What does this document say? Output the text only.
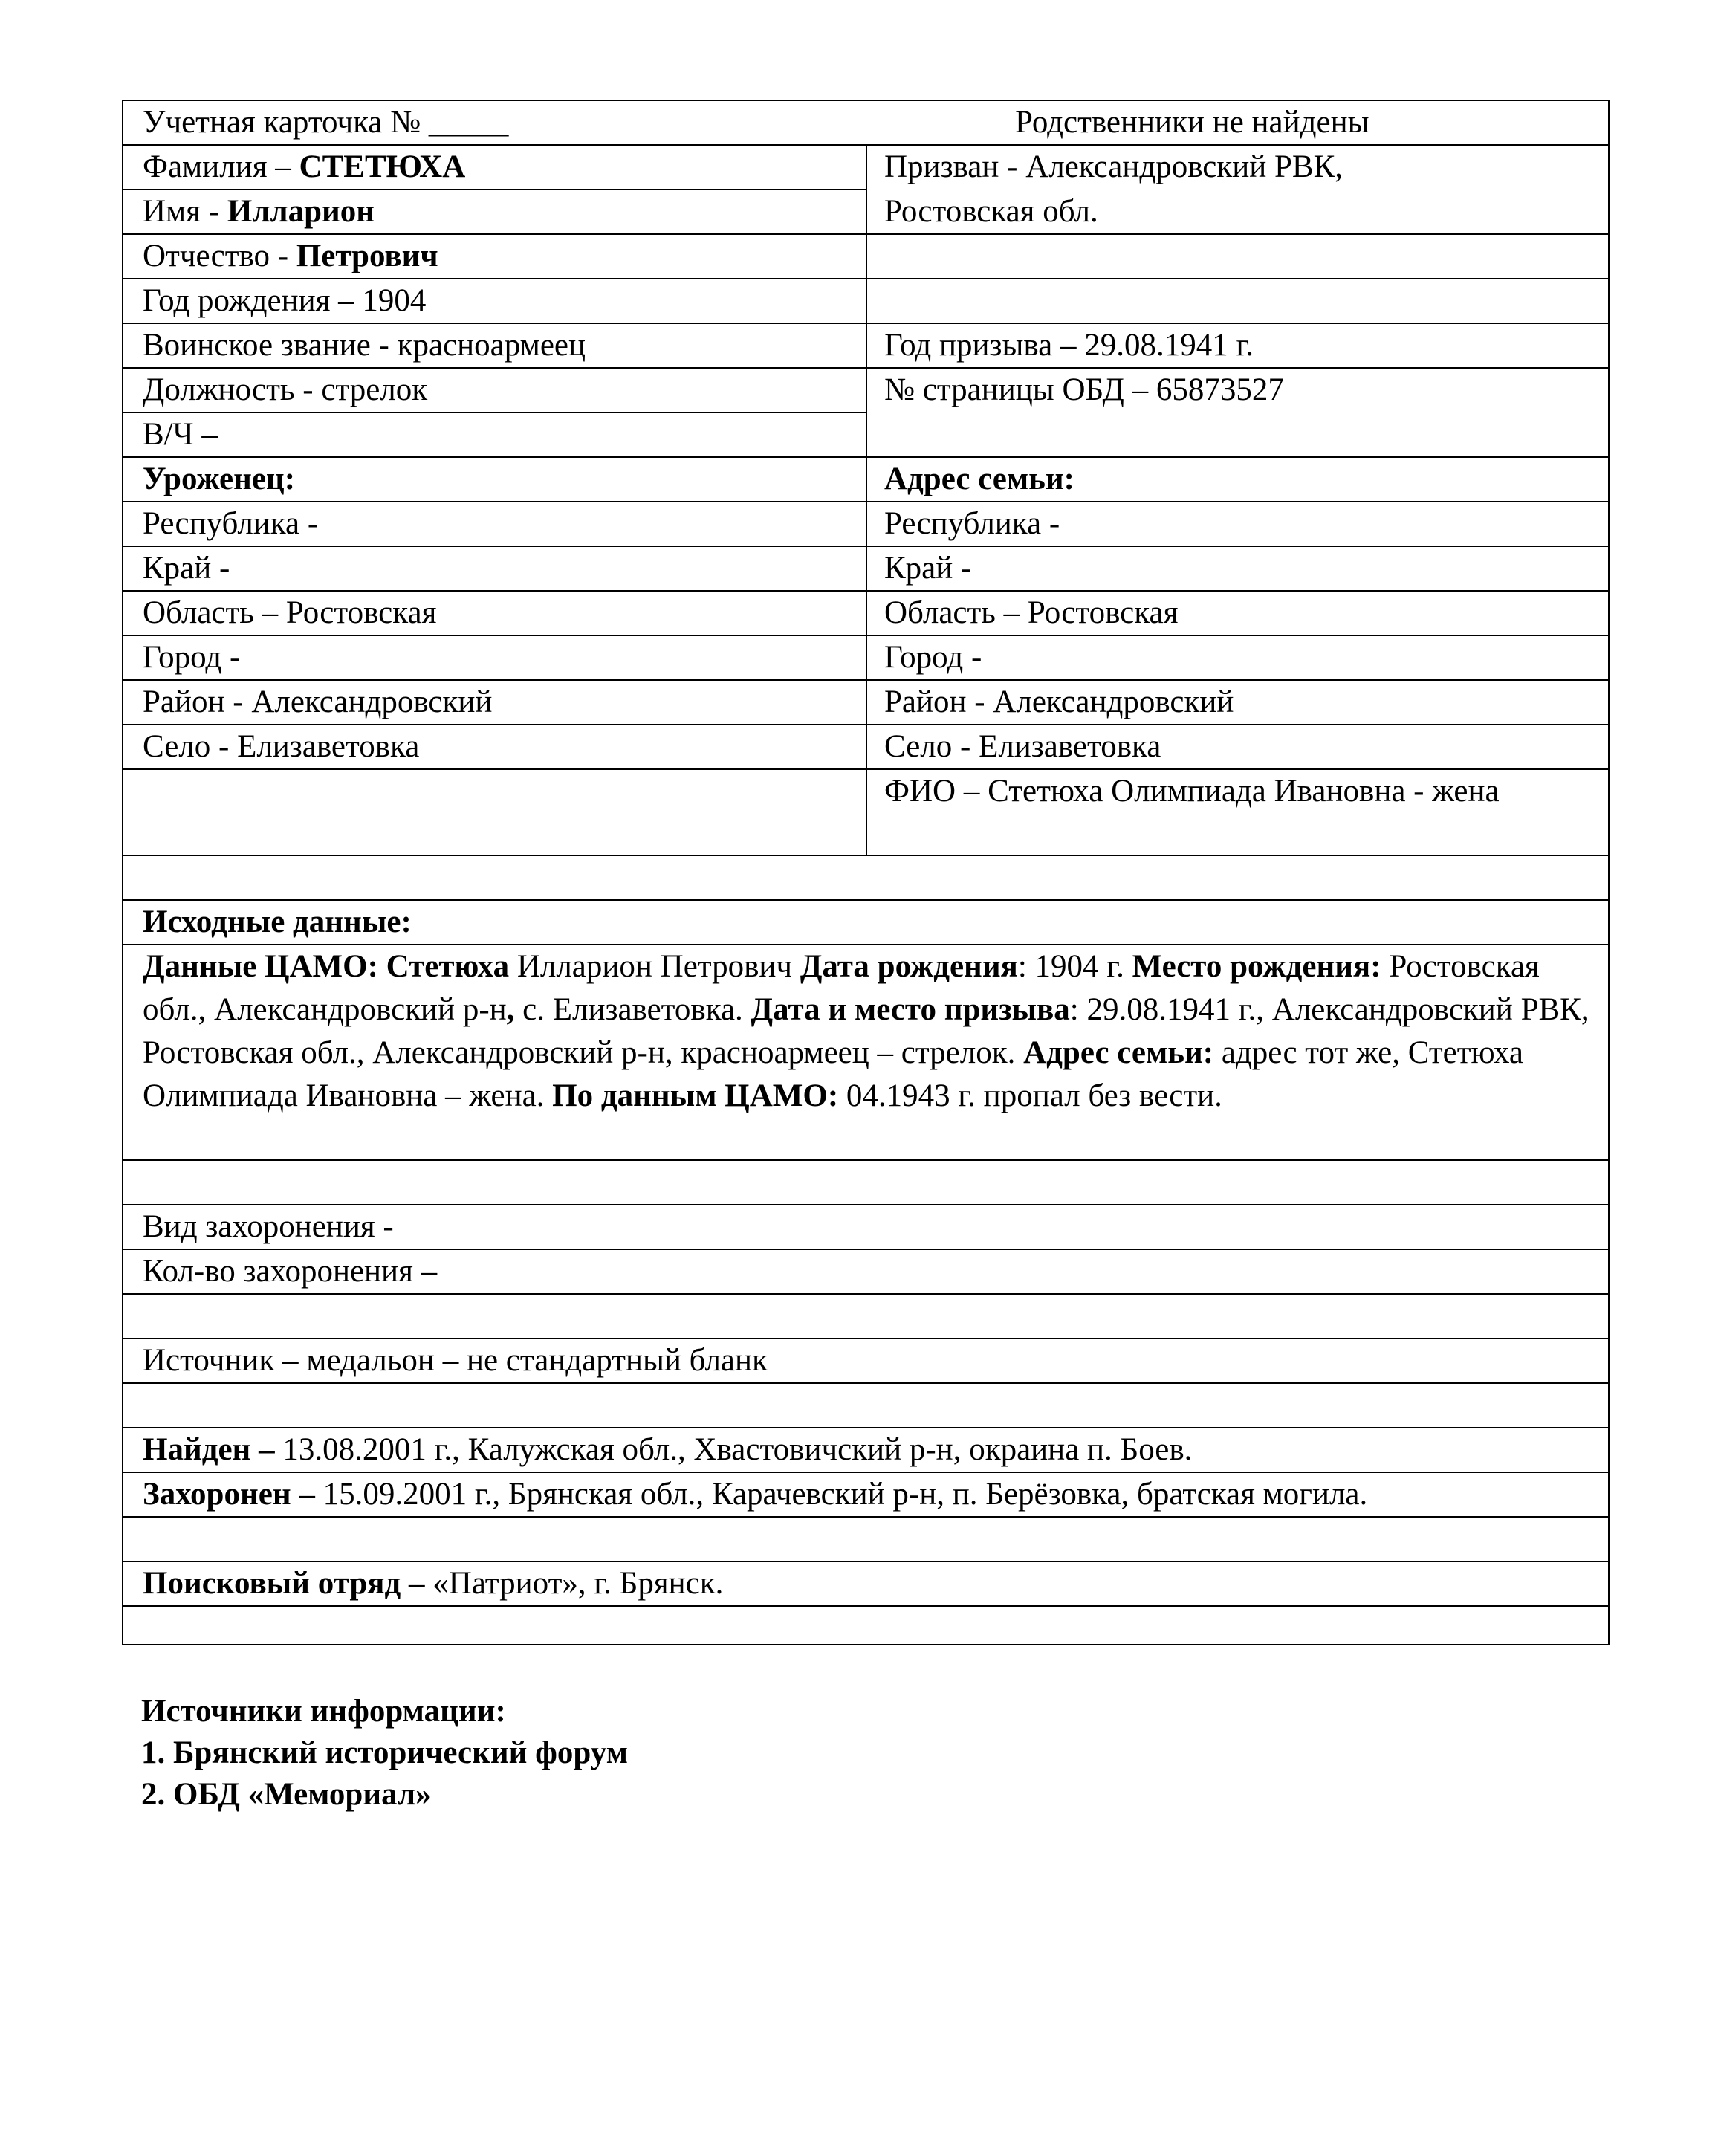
Учетная карточка № _____	Родственники не найдены
Фамилия – СТЕТЮХА
Имя - Илларион
Отчество - Петрович
Год рождения – 1904
Воинское звание - красноармеец
Должность - стрелок
В/Ч –
Уроженец:
Республика -
Край -
Область – Ростовская
Город -
Район - Александровский
Село - Елизаветовка
Призван - Александровский РВК,
Ростовская обл.
Год призыва – 29.08.1941 г.
№ страницы ОБД – 65873527
Адрес семьи:
Республика -
Край -
Область – Ростовская
Город -
Район - Александровский
Село - Елизаветовка
ФИО – Стетюха Олимпиада Ивановна - жена
Исходные данные:
Данные ЦАМО: Стетюха Илларион Петрович Дата рождения: 1904 г. Место рождения: Ростовская обл., Александровский р-н, с. Елизаветовка. Дата и место призыва: 29.08.1941 г., Александровский РВК, Ростовская обл., Александровский р-н, красноармеец – стрелок. Адрес семьи: адрес тот же, Стетюха Олимпиада Ивановна – жена. По данным ЦАМО: 04.1943 г. пропал без вести.
Вид захоронения -
Кол-во захоронения –
Источник – медальон – не стандартный бланк
Найден – 13.08.2001 г., Калужская обл., Хвастовичский р-н, окраина п. Боев.
Захоронен – 15.09.2001 г., Брянская обл., Карачевский р-н, п. Берёзовка, братская могила.
Поисковый отряд – «Патриот», г. Брянск.
Источники информации:
1. Брянский исторический форум
2. ОБД «Мемориал»
